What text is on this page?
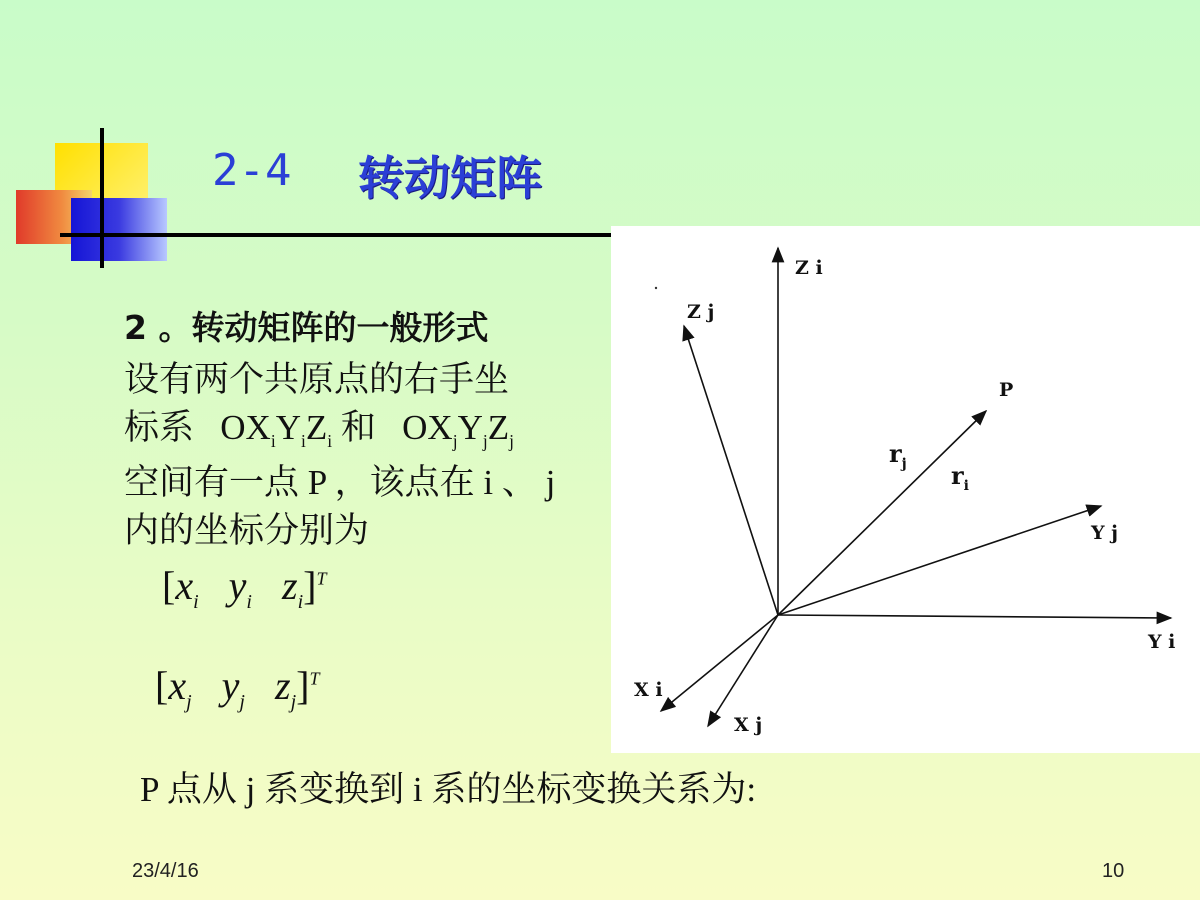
2-4 转动矩阵
2 。转动矩阵的一般形式
设有两个共原点的右手坐
标系 $OX_iY_iZ_i$ 和 $OX_jY_jZ_j$
空间有一点 P ，该点在 i 、 j
内的坐标分别为
[$x_i$ $y_i$ $z_i]^T$
[$x_j$ $y_j$ $z_j]^T$
Z i
Z j
P
$r_j$ $r_i$
Y j
Y i
X i
X j
P 点从 j 系变换到 i 系的坐标变换关系为:
23/4/16	10
